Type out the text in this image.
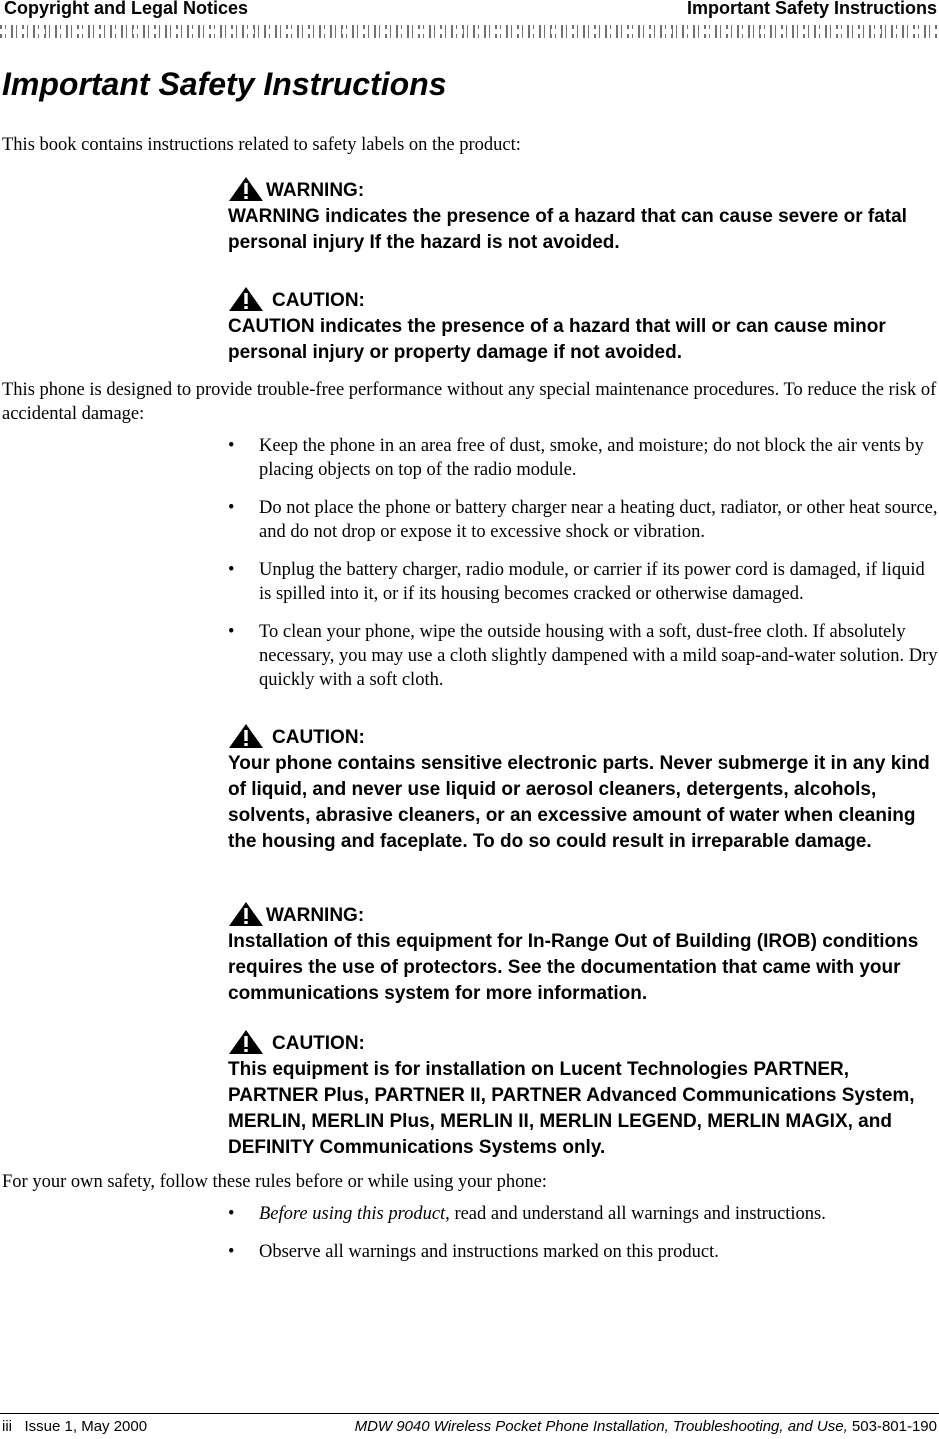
Copyright and Legal Notices	Important Safety Instructions
Important Safety Instructions

This book contains instructions related to safety labels on the product:

WARNING:
WARNING indicates the presence of a hazard that can cause severe or fatal personal injury If the hazard is not avoided.
CAUTION:
CAUTION indicates the presence of a hazard that will or can cause minor personal injury or property damage if not avoided.

This phone is designed to provide trouble-free performance without any special maintenance procedures. To reduce the risk of accidental damage:

• Keep the phone in an area free of dust, smoke, and moisture; do not block the air vents by placing objects on top of the radio module.
• Do not place the phone or battery charger near a heating duct, radiator, or other heat source, and do not drop or expose it to excessive shock or vibration.
• Unplug the battery charger, radio module, or carrier if its power cord is damaged, if liquid is spilled into it, or if its housing becomes cracked or otherwise damaged.
• To clean your phone, wipe the outside housing with a soft, dust-free cloth. If absolutely necessary, you may use a cloth slightly dampened with a mild soap-and-water solution. Dry quickly with a soft cloth.
CAUTION:
Your phone contains sensitive electronic parts. Never submerge it in any kind of liquid, and never use liquid or aerosol cleaners, detergents, alcohols, solvents, abrasive cleaners, or an excessive amount of water when cleaning the housing and faceplate. To do so could result in irreparable damage.
WARNING:
Installation of this equipment for In-Range Out of Building (IROB) conditions requires the use of protectors. See the documentation that came with your communications system for more information.
CAUTION:
This equipment is for installation on Lucent Technologies PARTNER, PARTNER Plus, PARTNER II, PARTNER Advanced Communications System, MERLIN, MERLIN Plus, MERLIN II, MERLIN LEGEND, MERLIN MAGIX, and DEFINITY Communications Systems only.

For your own safety, follow these rules before or while using your phone:

• Before using this product, read and understand all warnings and instructions.
• Observe all warnings and instructions marked on this product.
iii Issue 1, May 2000	MDW 9040 Wireless Pocket Phone Installation, Troubleshooting, and Use, 503-801-190
